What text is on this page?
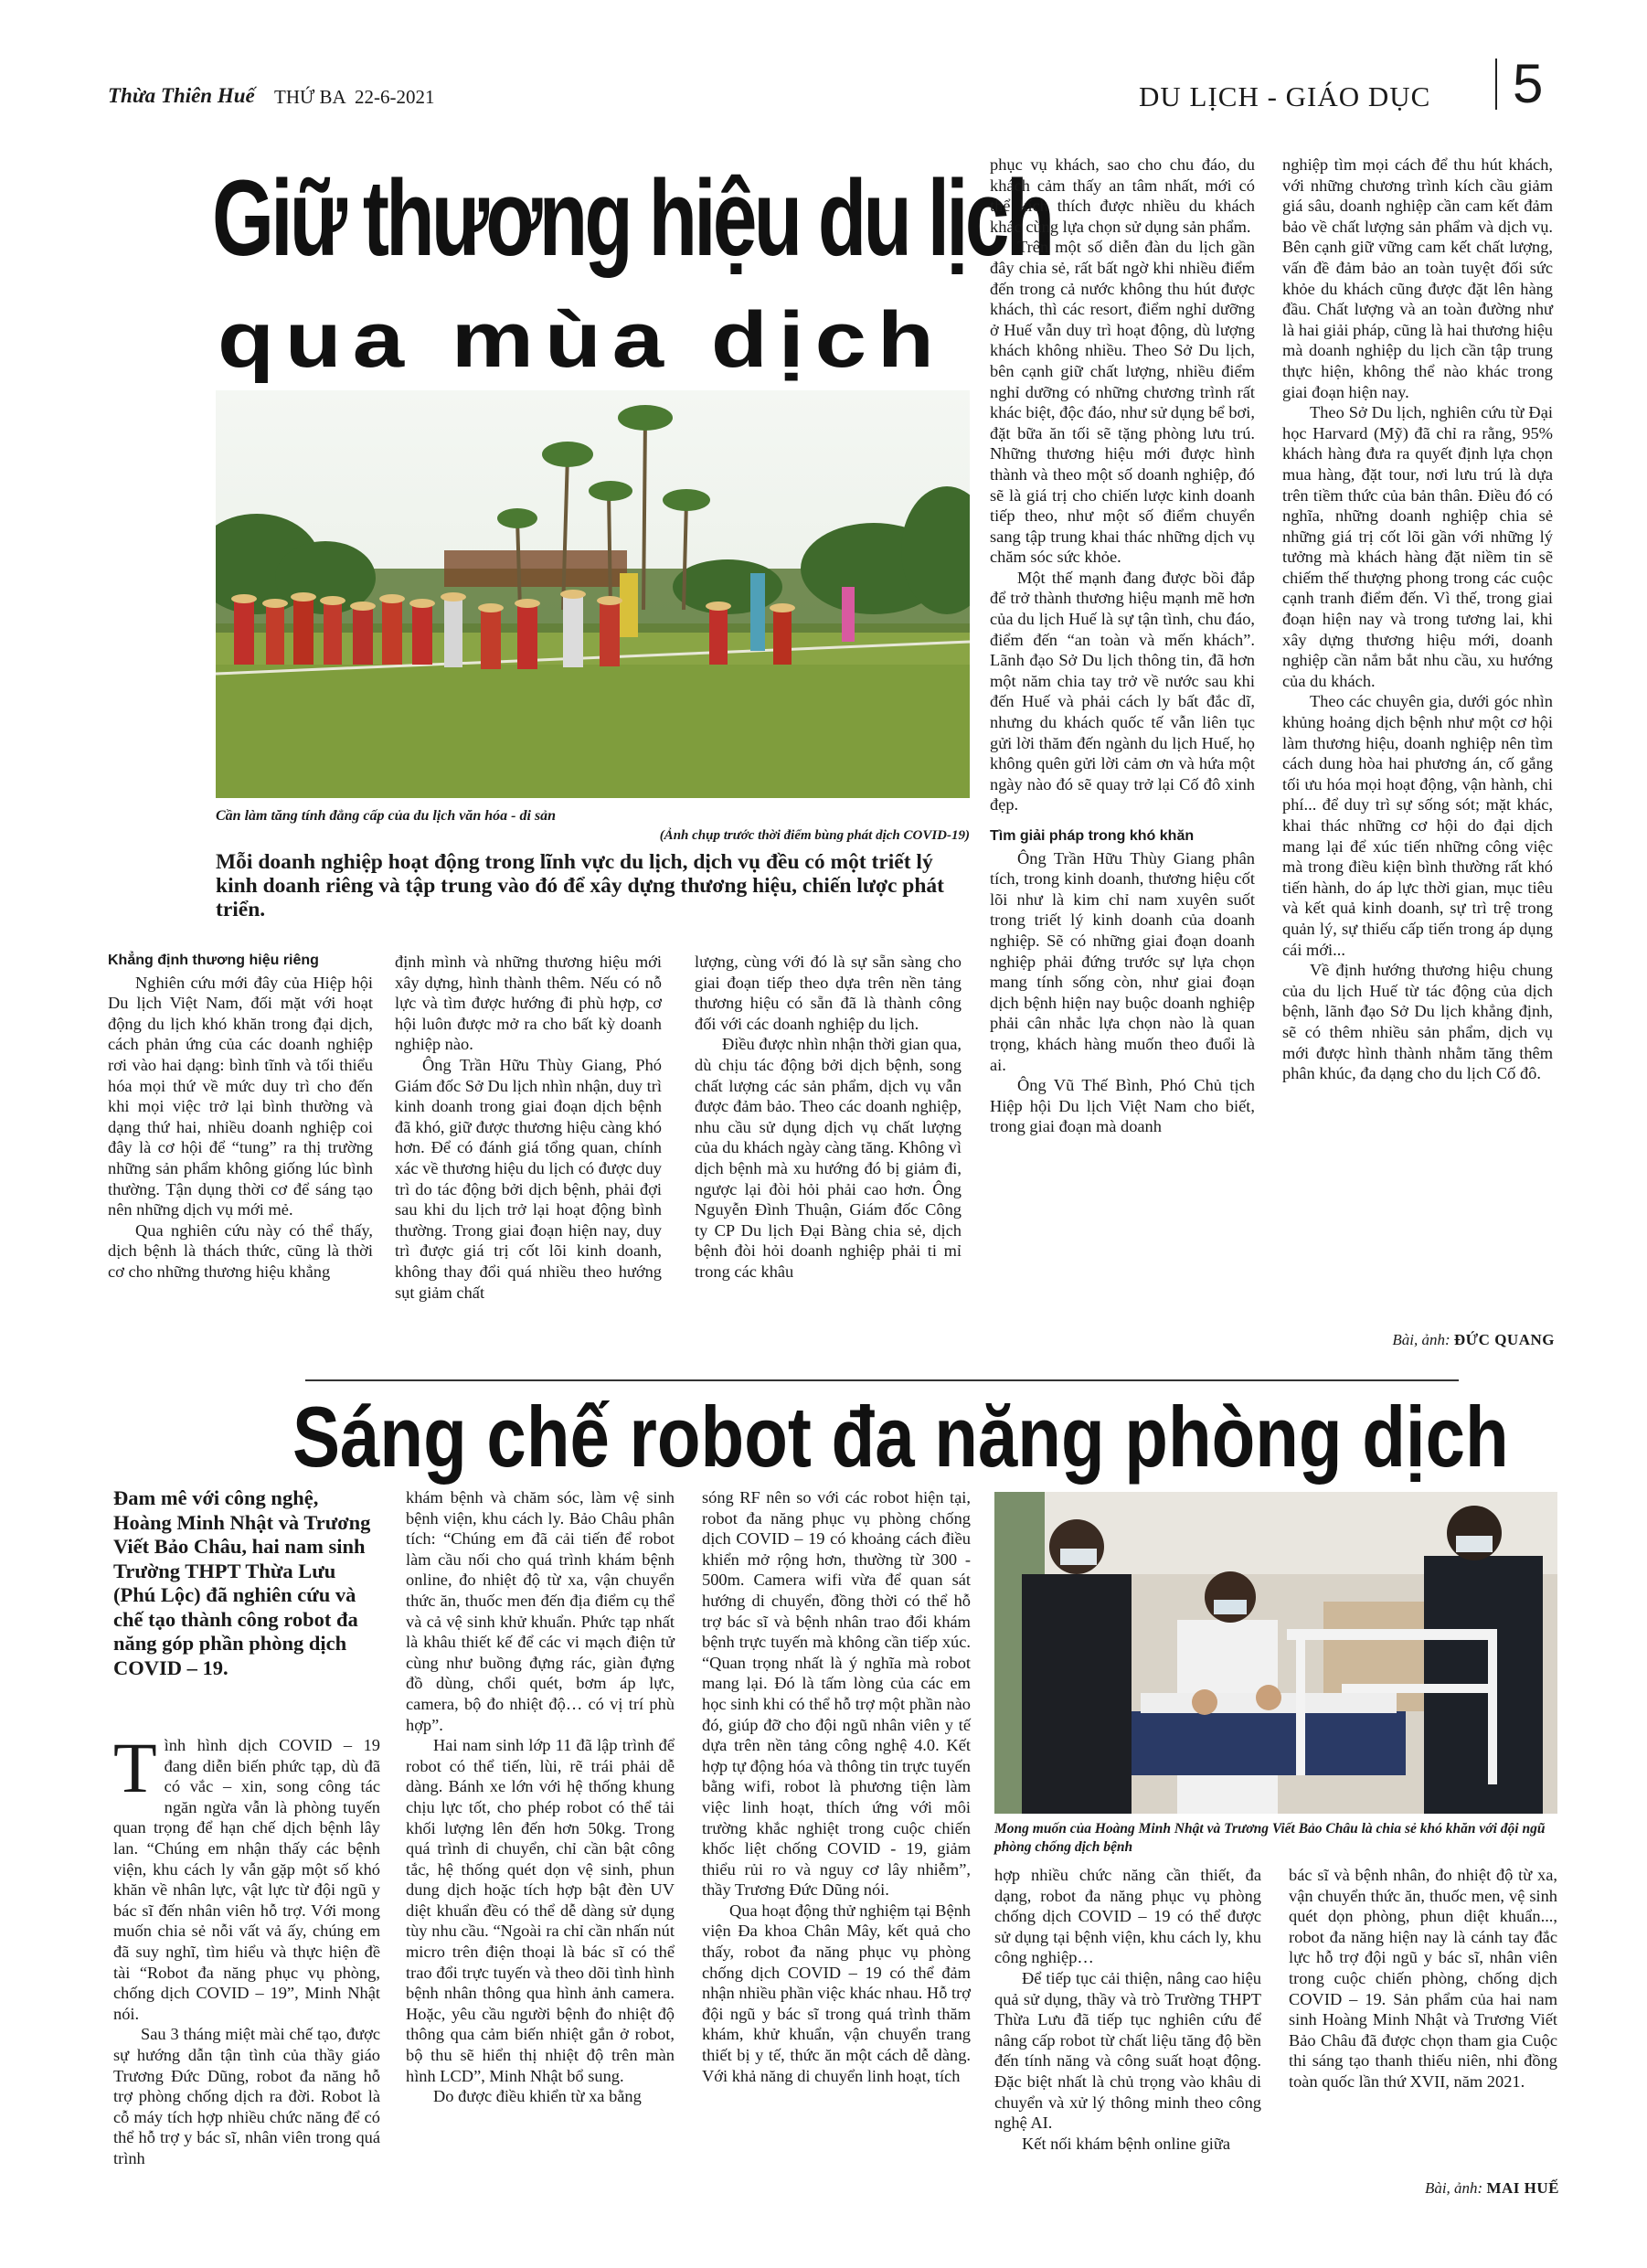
Thừa Thiên Huế THỨ BA  22-6-2021	DU LỊCH - GIÁO DỤC 5
Giữ thương hiệu du lịch
qua mùa dịch
Cần làm tăng tính đẳng cấp của du lịch văn hóa - di sản
(Ảnh chụp trước thời điểm bùng phát dịch COVID-19)
Mỗi doanh nghiệp hoạt động trong lĩnh vực du lịch, dịch vụ đều có một triết lý kinh doanh riêng và tập trung vào đó để xây dựng thương hiệu, chiến lược phát triển.
Khẳng định thương hiệu riêng

Nghiên cứu mới đây của Hiệp hội Du lịch Việt Nam, đối mặt với hoạt động du lịch khó khăn trong đại dịch, cách phản ứng của các doanh nghiệp rơi vào hai dạng: bình tĩnh và tối thiểu hóa mọi thứ về mức duy trì cho đến khi mọi việc trở lại bình thường và dạng thứ hai, nhiều doanh nghiệp coi đây là cơ hội để “tung” ra thị trường những sản phẩm không giống lúc bình thường. Tận dụng thời cơ để sáng tạo nên những dịch vụ mới mẻ.

Qua nghiên cứu này có thể thấy, dịch bệnh là thách thức, cũng là thời cơ cho những thương hiệu khẳng

định mình và những thương hiệu mới xây dựng, hình thành thêm. Nếu có nỗ lực và tìm được hướng đi phù hợp, cơ hội luôn được mở ra cho bất kỳ doanh nghiệp nào.

Ông Trần Hữu Thùy Giang, Phó Giám đốc Sở Du lịch nhìn nhận, duy trì kinh doanh trong giai đoạn dịch bệnh đã khó, giữ được thương hiệu càng khó hơn. Để có đánh giá tổng quan, chính xác về thương hiệu du lịch có được duy trì do tác động bởi dịch bệnh, phải đợi sau khi du lịch trở lại hoạt động bình thường. Trong giai đoạn hiện nay, duy trì được giá trị cốt lõi kinh doanh, không thay đổi quá nhiều theo hướng sụt giảm chất

lượng, cùng với đó là sự sẵn sàng cho giai đoạn tiếp theo dựa trên nền tảng thương hiệu có sẵn đã là thành công đối với các doanh nghiệp du lịch.

Điều được nhìn nhận thời gian qua, dù chịu tác động bởi dịch bệnh, song chất lượng các sản phẩm, dịch vụ vẫn được đảm bảo. Theo các doanh nghiệp, nhu cầu sử dụng dịch vụ chất lượng của du khách ngày càng tăng. Không vì dịch bệnh mà xu hướng đó bị giảm đi, ngược lại đòi hỏi phải cao hơn. Ông Nguyễn Đình Thuận, Giám đốc Công ty CP Du lịch Đại Bàng chia sẻ, dịch bệnh đòi hỏi doanh nghiệp phải ti mỉ trong các khâu

phục vụ khách, sao cho chu đáo, du khách cảm thấy an tâm nhất, mới có thể kích thích được nhiều du khách khác cùng lựa chọn sử dụng sản phẩm.

Trên một số diễn đàn du lịch gần đây chia sẻ, rất bất ngờ khi nhiều điểm đến trong cả nước không thu hút được khách, thì các resort, điểm nghỉ dưỡng ở Huế vẫn duy trì hoạt động, dù lượng khách không nhiều. Theo Sở Du lịch, bên cạnh giữ chất lượng, nhiều điểm nghỉ dưỡng có những chương trình rất khác biệt, độc đáo, như sử dụng bể bơi, đặt bữa ăn tối sẽ tặng phòng lưu trú. Những thương hiệu mới được hình thành và theo một số doanh nghiệp, đó sẽ là giá trị cho chiến lược kinh doanh tiếp theo, như một số điểm chuyển sang tập trung khai thác những dịch vụ chăm sóc sức khỏe.

Một thế mạnh đang được bồi đắp để trở thành thương hiệu mạnh mẽ hơn của du lịch Huế là sự tận tình, chu đáo, điểm đến “an toàn và mến khách”. Lãnh đạo Sở Du lịch thông tin, đã hơn một năm chia tay trở về nước sau khi đến Huế và phải cách ly bất đắc dĩ, nhưng du khách quốc tế vẫn liên tục gửi lời thăm đến ngành du lịch Huế, họ không quên gửi lời cảm ơn và hứa một ngày nào đó sẽ quay trở lại Cố đô xinh đẹp.

Tìm giải pháp trong khó khăn

Ông Trần Hữu Thùy Giang phân tích, trong kinh doanh, thương hiệu cốt lõi như là kim chỉ nam xuyên suốt trong triết lý kinh doanh của doanh nghiệp. Sẽ có những giai đoạn doanh nghiệp phải đứng trước sự lựa chọn mang tính sống còn, như giai đoạn dịch bệnh hiện nay buộc doanh nghiệp phải cân nhắc lựa chọn nào là quan trọng, khách hàng muốn theo đuổi là ai.

Ông Vũ Thế Bình, Phó Chủ tịch Hiệp hội Du lịch Việt Nam cho biết, trong giai đoạn mà doanh

nghiệp tìm mọi cách để thu hút khách, với những chương trình kích cầu giảm giá sâu, doanh nghiệp cần cam kết đảm bảo về chất lượng sản phẩm và dịch vụ. Bên cạnh giữ vững cam kết chất lượng, vấn đề đảm bảo an toàn tuyệt đối sức khỏe du khách cũng được đặt lên hàng đầu. Chất lượng và an toàn đường như là hai giải pháp, cũng là hai thương hiệu mà doanh nghiệp du lịch cần tập trung thực hiện, không thể nào khác trong giai đoạn hiện nay.

Theo Sở Du lịch, nghiên cứu từ Đại học Harvard (Mỹ) đã chỉ ra rằng, 95% khách hàng đưa ra quyết định lựa chọn mua hàng, đặt tour, nơi lưu trú là dựa trên tiềm thức của bản thân. Điều đó có nghĩa, những doanh nghiệp chia sẻ những giá trị cốt lõi gần với những lý tưởng mà khách hàng đặt niềm tin sẽ chiếm thế thượng phong trong các cuộc cạnh tranh điểm đến. Vì thế, trong giai đoạn hiện nay và trong tương lai, khi xây dựng thương hiệu mới, doanh nghiệp cần nắm bắt nhu cầu, xu hướng của du khách.

Theo các chuyên gia, dưới góc nhìn khủng hoảng dịch bệnh như một cơ hội làm thương hiệu, doanh nghiệp nên tìm cách dung hòa hai phương án, cố gắng tối ưu hóa mọi hoạt động, vận hành, chi phí... để duy trì sự sống sót; mặt khác, khai thác những cơ hội do đại dịch mang lại để xúc tiến những công việc mà trong điều kiện bình thường rất khó tiến hành, do áp lực thời gian, mục tiêu và kết quả kinh doanh, sự trì trệ trong quản lý, sự thiếu cấp tiến trong áp dụng cái mới...

Về định hướng thương hiệu chung của du lịch Huế từ tác động của dịch bệnh, lãnh đạo Sở Du lịch khẳng định, sẽ có thêm nhiều sản phẩm, dịch vụ mới được hình thành nhằm tăng thêm phân khúc, đa dạng cho du lịch Cố đô.

Bài, ảnh: ĐỨC QUANG
Sáng chế robot đa năng phòng dịch
Đam mê với công nghệ, Hoàng Minh Nhật và Trương Viết Bảo Châu, hai nam sinh Trường THPT Thừa Lưu (Phú Lộc) đã nghiên cứu và chế tạo thành công robot đa năng góp phần phòng dịch COVID – 19.

Tình hình dịch COVID – 19 đang diễn biến phức tạp, dù đã có vắc – xin, song công tác ngăn ngừa vẫn là phòng tuyến quan trọng để hạn chế dịch bệnh lây lan. “Chúng em nhận thấy các bệnh viện, khu cách ly vẫn gặp một số khó khăn về nhân lực, vật lực từ đội ngũ y bác sĩ đến nhân viên hỗ trợ. Với mong muốn chia sẻ nỗi vất vả ấy, chúng em đã suy nghĩ, tìm hiểu và thực hiện đề tài “Robot đa năng phục vụ phòng, chống dịch COVID – 19”, Minh Nhật nói.

Sau 3 tháng miệt mài chế tạo, được sự hướng dẫn tận tình của thầy giáo Trương Đức Dũng, robot đa năng hỗ trợ phòng chống dịch ra đời. Robot là cỗ máy tích hợp nhiều chức năng để có thể hỗ trợ y bác sĩ, nhân viên trong quá trình

khám bệnh và chăm sóc, làm vệ sinh bệnh viện, khu cách ly. Bảo Châu phân tích: “Chúng em đã cải tiến để robot làm cầu nối cho quá trình khám bệnh online, đo nhiệt độ từ xa, vận chuyển thức ăn, thuốc men đến địa điểm cụ thể và cả vệ sinh khử khuẩn. Phức tạp nhất là khâu thiết kế để các vi mạch điện tử cùng như buồng đựng rác, giàn đựng đồ dùng, chổi quét, bơm áp lực, camera, bộ đo nhiệt độ… có vị trí phù hợp”.

Hai nam sinh lớp 11 đã lập trình để robot có thể tiến, lùi, rẽ trái phải dễ dàng. Bánh xe lớn với hệ thống khung chịu lực tốt, cho phép robot có thể tải khối lượng lên đến hơn 50kg. Trong quá trình di chuyển, chỉ cần bật công tắc, hệ thống quét dọn vệ sinh, phun dung dịch hoặc tích hợp bật đèn UV diệt khuẩn đều có thể dễ dàng sử dụng tùy nhu cầu. “Ngoài ra chỉ cần nhấn nút micro trên điện thoại là bác sĩ có thể trao đổi trực tuyến và theo dõi tình hình bệnh nhân thông qua hình ảnh camera. Hoặc, yêu cầu người bệnh đo nhiệt độ thông qua cảm biến nhiệt gắn ở robot, bộ thu sẽ hiển thị nhiệt độ trên màn hình LCD”, Minh Nhật bổ sung.

Do được điều khiển từ xa bằng

sóng RF nên so với các robot hiện tại, robot đa năng phục vụ phòng chống dịch COVID – 19 có khoảng cách điều khiển mở rộng hơn, thường từ 300 - 500m. Camera wifi vừa để quan sát hướng di chuyển, đồng thời có thể hỗ trợ bác sĩ và bệnh nhân trao đổi khám bệnh trực tuyến mà không cần tiếp xúc. “Quan trọng nhất là ý nghĩa mà robot mang lại. Đó là tấm lòng của các em học sinh khi có thể hỗ trợ một phần nào đó, giúp đỡ cho đội ngũ nhân viên y tế dựa trên nền tảng công nghệ 4.0. Kết hợp tự động hóa và thông tin trực tuyến bằng wifi, robot là phương tiện làm việc linh hoạt, thích ứng với môi trường khắc nghiệt trong cuộc chiến khốc liệt chống COVID - 19, giảm thiểu rủi ro và nguy cơ lây nhiễm”, thầy Trương Đức Dũng nói.

Qua hoạt động thử nghiệm tại Bệnh viện Đa khoa Chân Mây, kết quả cho thấy, robot đa năng phục vụ phòng chống dịch COVID – 19 có thể đảm nhận nhiều phần việc khác nhau. Hỗ trợ đội ngũ y bác sĩ trong quá trình thăm khám, khử khuẩn, vận chuyển trang thiết bị y tế, thức ăn một cách dễ dàng. Với khả năng di chuyển linh hoạt, tích

Mong muốn của Hoàng Minh Nhật và Trương Viết Bảo Châu là chia sẻ khó khăn với đội ngũ phòng chống dịch bệnh

hợp nhiều chức năng cần thiết, đa dạng, robot đa năng phục vụ phòng chống dịch COVID – 19 có thể được sử dụng tại bệnh viện, khu cách ly, khu công nghiệp…

Để tiếp tục cải thiện, nâng cao hiệu quả sử dụng, thầy và trò Trường THPT Thừa Lưu đã tiếp tục nghiên cứu để nâng cấp robot từ chất liệu tăng độ bền đến tính năng và công suất hoạt động. Đặc biệt nhất là chủ trọng vào khâu di chuyển và xử lý thông minh theo công nghệ AI.

Kết nối khám bệnh online giữa

bác sĩ và bệnh nhân, đo nhiệt độ từ xa, vận chuyển thức ăn, thuốc men, vệ sinh quét dọn phòng, phun diệt khuẩn..., robot đa năng hiện nay là cánh tay đắc lực hỗ trợ đội ngũ y bác sĩ, nhân viên trong cuộc chiến phòng, chống dịch COVID – 19. Sản phẩm của hai nam sinh Hoàng Minh Nhật và Trương Viết Bảo Châu đã được chọn tham gia Cuộc thi sáng tạo thanh thiếu niên, nhi đồng toàn quốc lần thứ XVII, năm 2021.

Bài, ảnh: MAI HUẾ
